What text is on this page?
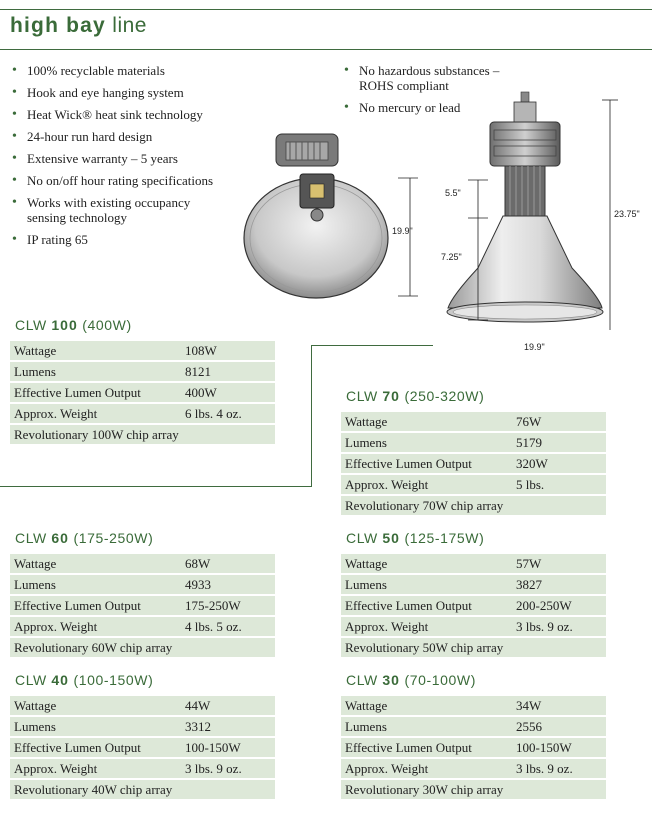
high bay line
• 100% recyclable materials
• Hook and eye hanging system
• Heat Wick® heat sink technology
• 24-hour run hard design
• Extensive warranty – 5 years
• No on/off hour rating specifications
• Works with existing occupancy sensing technology
• IP rating 65
• No hazardous substances – ROHS compliant
• No mercury or lead
19.9"
5.5"
7.25"
23.75"
19.9"
CLW 100 (400W)
Wattage	108W
Lumens	8121
Effective Lumen Output	400W
Approx. Weight	6 lbs. 4 oz.
Revolutionary 100W chip array	
CLW 70 (250-320W)
Wattage	76W
Lumens	5179
Effective Lumen Output	320W
Approx. Weight	5 lbs.
Revolutionary 70W chip array	
CLW 60 (175-250W)
Wattage	68W
Lumens	4933
Effective Lumen Output	175-250W
Approx. Weight	4 lbs. 5 oz.
Revolutionary 60W chip array	
CLW 50 (125-175W)
Wattage	57W
Lumens	3827
Effective Lumen Output	200-250W
Approx. Weight	3 lbs. 9 oz.
Revolutionary 50W chip array	
CLW 40 (100-150W)
Wattage	44W
Lumens	3312
Effective Lumen Output	100-150W
Approx. Weight	3 lbs. 9 oz.
Revolutionary 40W chip array	
CLW 30 (70-100W)
Wattage	34W
Lumens	2556
Effective Lumen Output	100-150W
Approx. Weight	3 lbs. 9 oz.
Revolutionary 30W chip array	
